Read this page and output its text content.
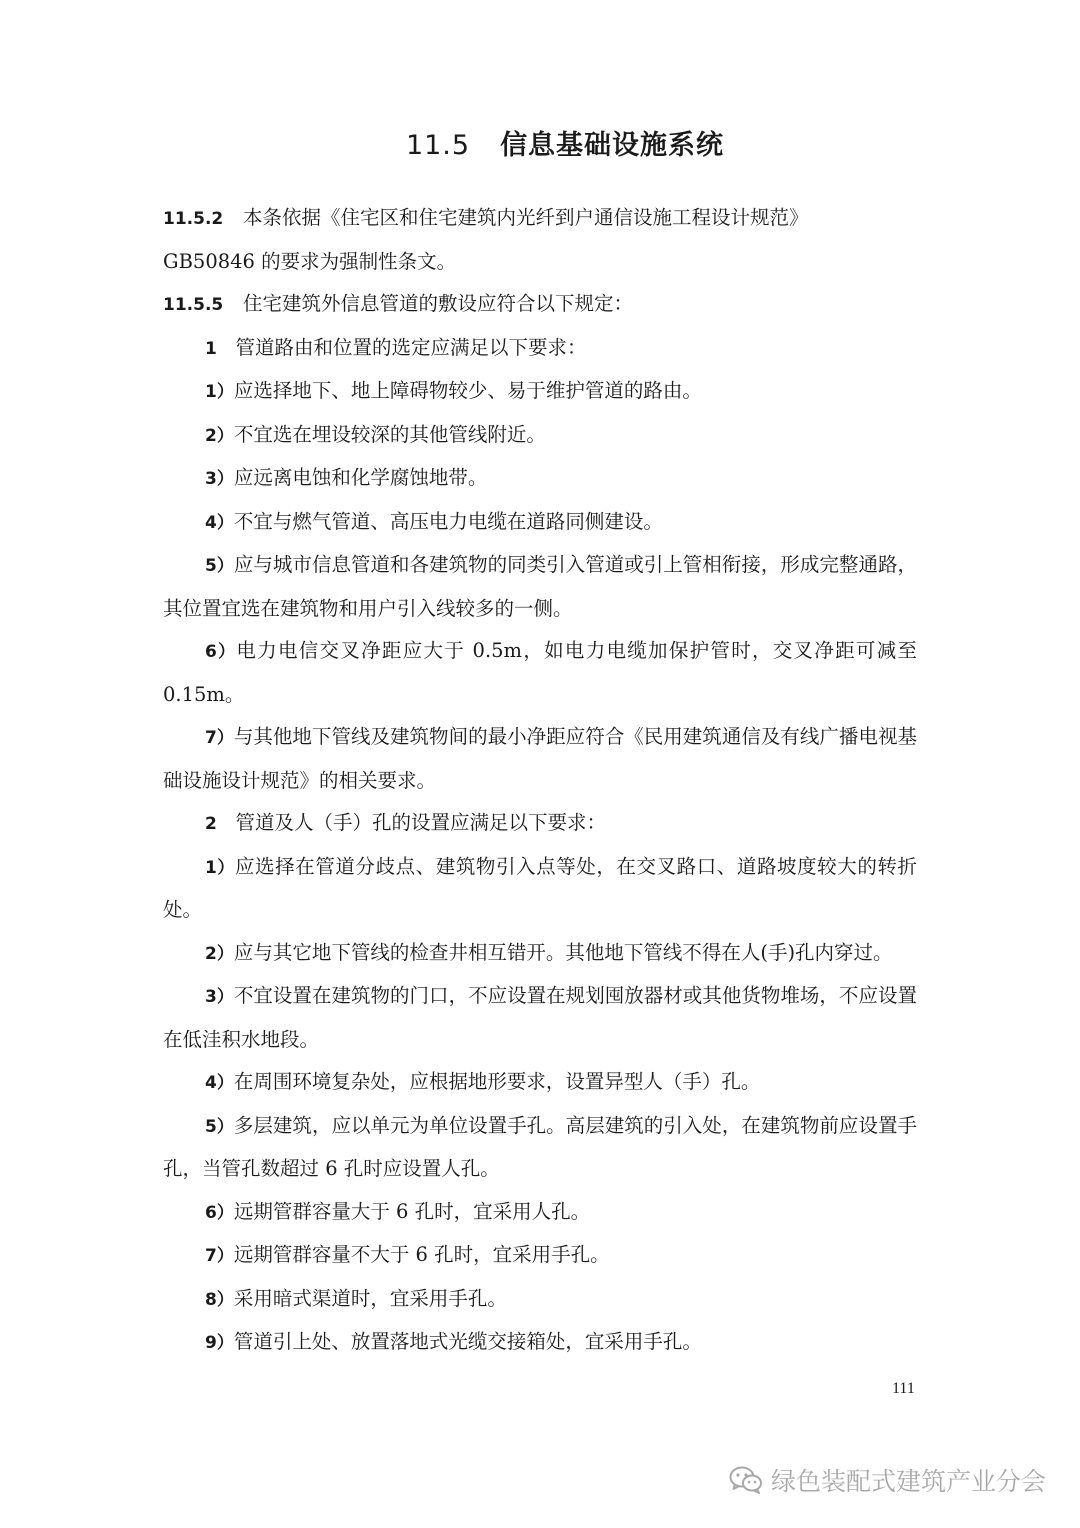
11.5 信息基础设施系统

11.5.2 本条依据《住宅区和住宅建筑内光纤到户通信设施工程设计规范》
GB50846 的要求为强制性条文。

11.5.5 住宅建筑外信息管道的敷设应符合以下规定：

1 管道路由和位置的选定应满足以下要求：

1）应选择地下、地上障碍物较少、易于维护管道的路由。

2）不宜选在埋设较深的其他管线附近。

3）应远离电蚀和化学腐蚀地带。

4）不宜与燃气管道、高压电力电缆在道路同侧建设。

5）应与城市信息管道和各建筑物的同类引入管道或引上管相衔接，形成完整通路，其位置宜选在建筑物和用户引入线较多的一侧。

6）电力电信交叉净距应大于 0.5m，如电力电缆加保护管时，交叉净距可减至 0.15m。

7）与其他地下管线及建筑物间的最小净距应符合《民用建筑通信及有线广播电视基础设施设计规范》的相关要求。

2 管道及人（手）孔的设置应满足以下要求：

1）应选择在管道分歧点、建筑物引入点等处，在交叉路口、道路坡度较大的转折处。

2）应与其它地下管线的检查井相互错开。其他地下管线不得在人(手)孔内穿过。

3）不宜设置在建筑物的门口，不应设置在规划囤放器材或其他货物堆场，不应设置在低洼积水地段。

4）在周围环境复杂处，应根据地形要求，设置异型人（手）孔。

5）多层建筑，应以单元为单位设置手孔。高层建筑的引入处，在建筑物前应设置手孔，当管孔数超过 6 孔时应设置人孔。

6）远期管群容量大于 6 孔时，宜采用人孔。

7）远期管群容量不大于 6 孔时，宜采用手孔。

8）采用暗式渠道时，宜采用手孔。

9）管道引上处、放置落地式光缆交接箱处，宜采用手孔。

111
绿色装配式建筑产业分会
